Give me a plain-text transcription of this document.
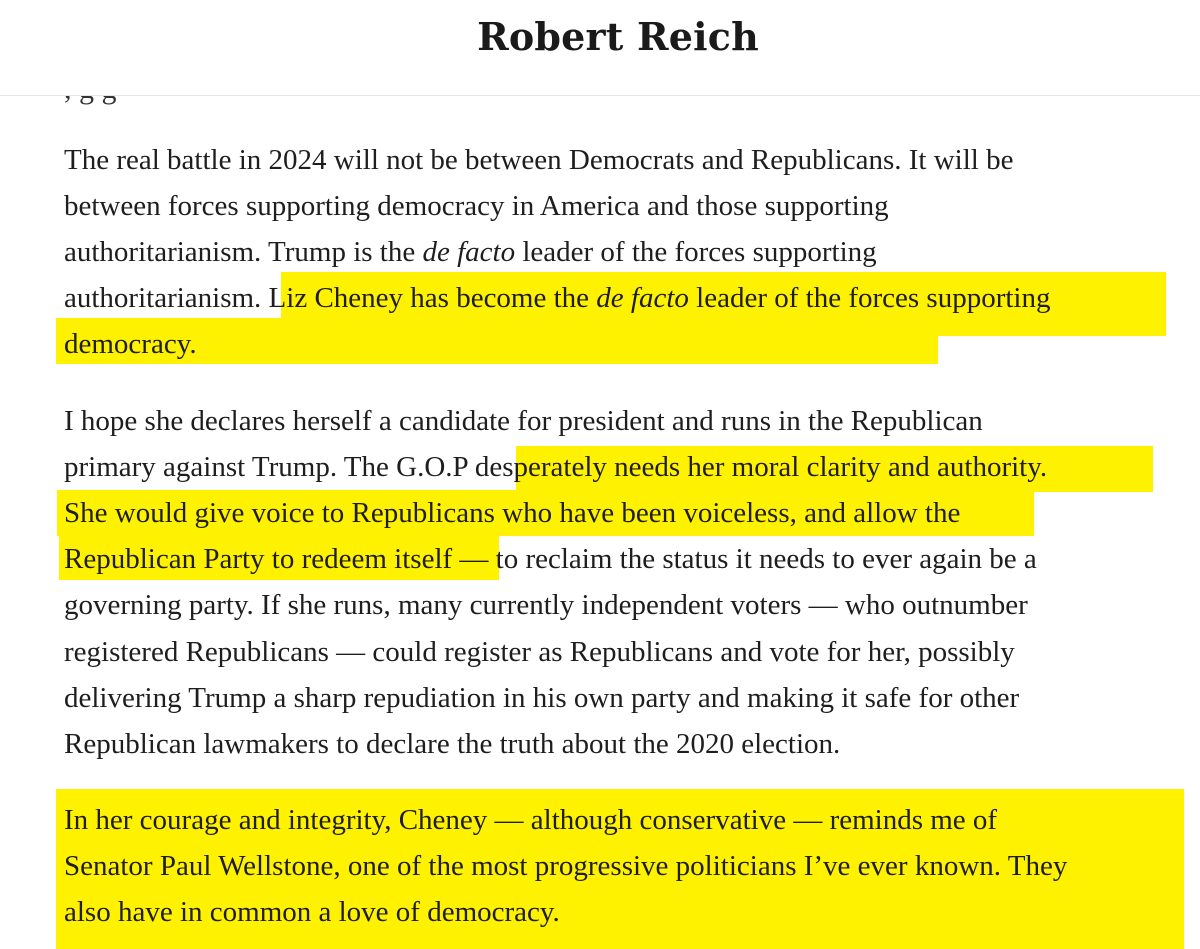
Robert Reich
The real battle in 2024 will not be between Democrats and Republicans. It will be
between forces supporting democracy in America and those supporting
authoritarianism. Trump is the de facto leader of the forces supporting
authoritarianism. Liz Cheney has become the de facto leader of the forces supporting
democracy.
I hope she declares herself a candidate for president and runs in the Republican
primary against Trump. The G.O.P desperately needs her moral clarity and authority.
She would give voice to Republicans who have been voiceless, and allow the
Republican Party to redeem itself — to reclaim the status it needs to ever again be a
governing party. If she runs, many currently independent voters — who outnumber
registered Republicans — could register as Republicans and vote for her, possibly
delivering Trump a sharp repudiation in his own party and making it safe for other
Republican lawmakers to declare the truth about the 2020 election.
In her courage and integrity, Cheney — although conservative — reminds me of
Senator Paul Wellstone, one of the most progressive politicians I’ve ever known. They
also have in common a love of democracy.
